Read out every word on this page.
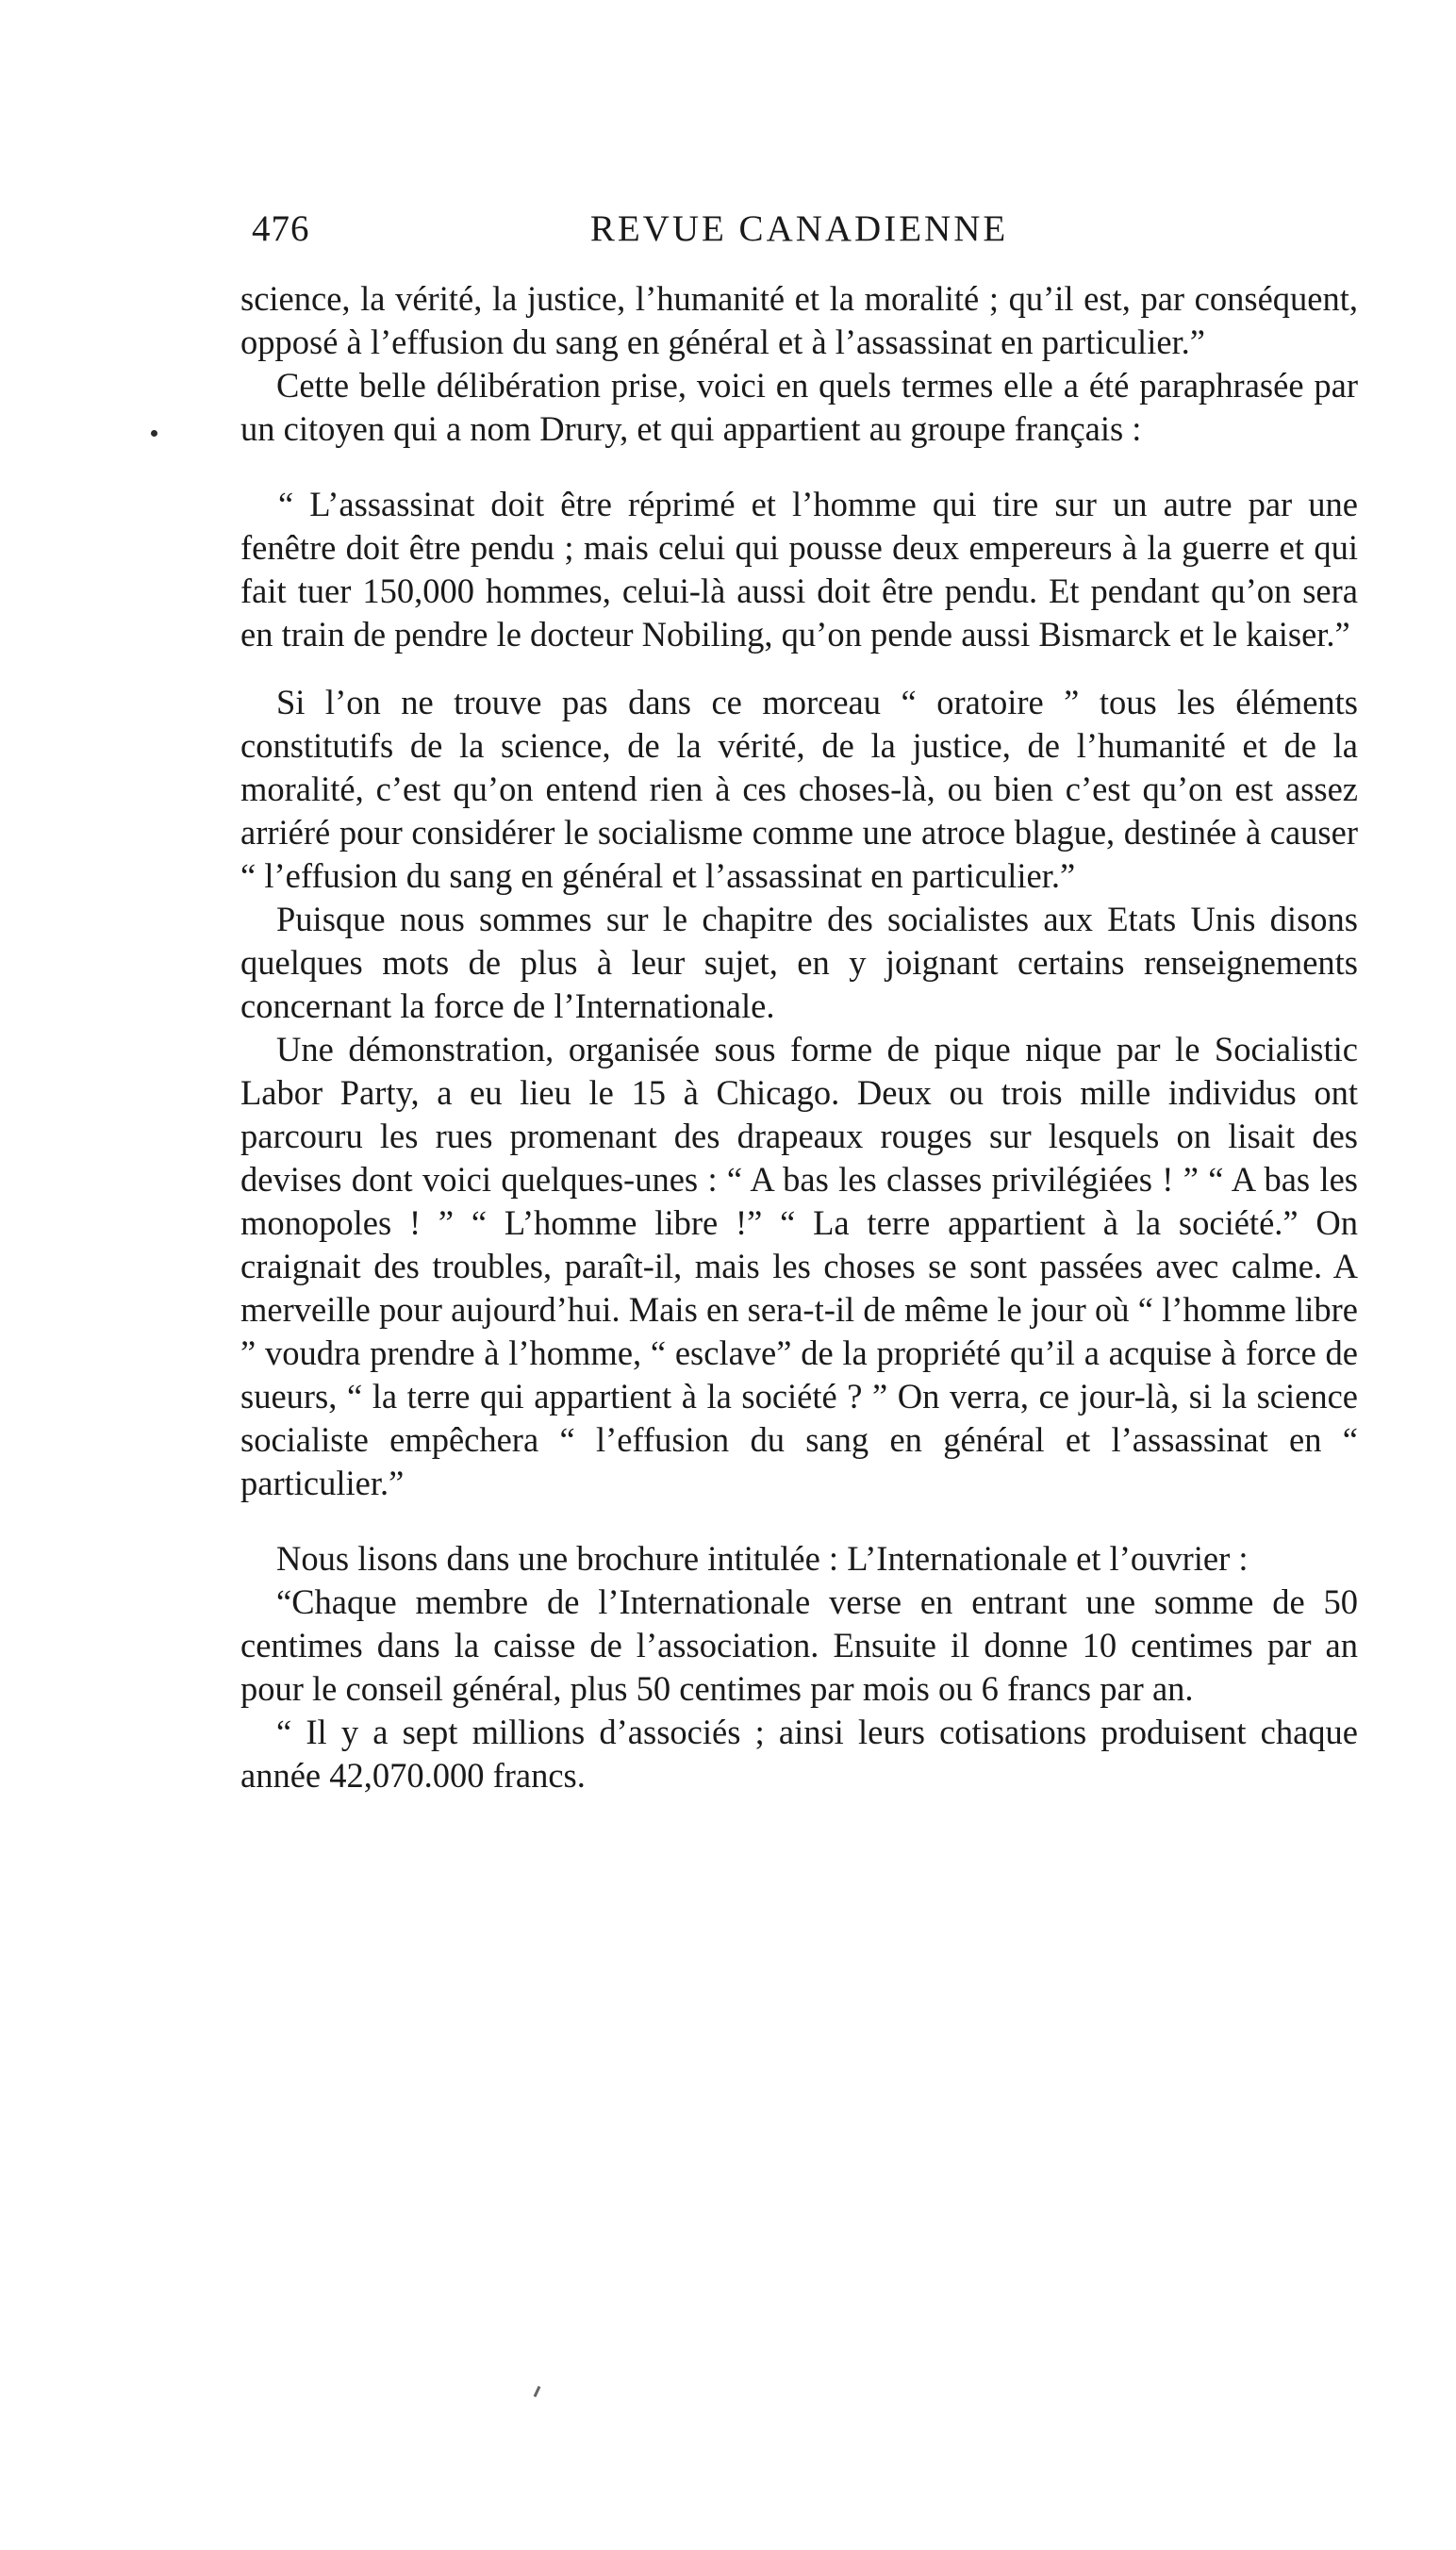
476	REVUE CANADIENNE

science, la vérité, la justice, l’humanité et la moralité ; qu’il est, par conséquent, opposé à l’effusion du sang en général et à l’assassinat en particulier.”

Cette belle délibération prise, voici en quels termes elle a été paraphrasée par un citoyen qui a nom Drury, et qui appartient au groupe français :

“ L’assassinat doit être réprimé et l’homme qui tire sur un autre par une fenêtre doit être pendu ; mais celui qui pousse deux empereurs à la guerre et qui fait tuer 150,000 hommes, celui-là aussi doit être pendu. Et pendant qu’on sera en train de pendre le docteur Nobiling, qu’on pende aussi Bismarck et le kaiser.”

Si l’on ne trouve pas dans ce morceau “ oratoire ” tous les éléments constitutifs de la science, de la vérité, de la justice, de l’humanité et de la moralité, c’est qu’on entend rien à ces choses-là, ou bien c’est qu’on est assez arriéré pour considérer le socialisme comme une atroce blague, destinée à causer “ l’effusion du sang en général et l’assassinat en particulier.”

Puisque nous sommes sur le chapitre des socialistes aux Etats Unis disons quelques mots de plus à leur sujet, en y joignant certains renseignements concernant la force de l’Internationale.

Une démonstration, organisée sous forme de pique nique par le Socialistic Labor Party, a eu lieu le 15 à Chicago. Deux ou trois mille individus ont parcouru les rues promenant des drapeaux rouges sur lesquels on lisait des devises dont voici quelques-unes : “ A bas les classes privilégiées ! ” “ A bas les monopoles ! ” “ L’homme libre !” “ La terre appartient à la société.” On craignait des troubles, paraît-il, mais les choses se sont passées avec calme. A merveille pour aujourd’hui. Mais en sera-t-il de même le jour où “ l’homme libre ” voudra prendre à l’homme, “ esclave” de la propriété qu’il a acquise à force de sueurs, “ la terre qui appartient à la société ? ” On verra, ce jour-là, si la science socialiste empêchera “ l’effusion du sang en général et l’assassinat en “ particulier.”

Nous lisons dans une brochure intitulée : L’Internationale et l’ouvrier :

“Chaque membre de l’Internationale verse en entrant une somme de 50 centimes dans la caisse de l’association. Ensuite il donne 10 centimes par an pour le conseil général, plus 50 centimes par mois ou 6 francs par an.

“ Il y a sept millions d’associés ; ainsi leurs cotisations produisent chaque année 42,070.000 francs.
